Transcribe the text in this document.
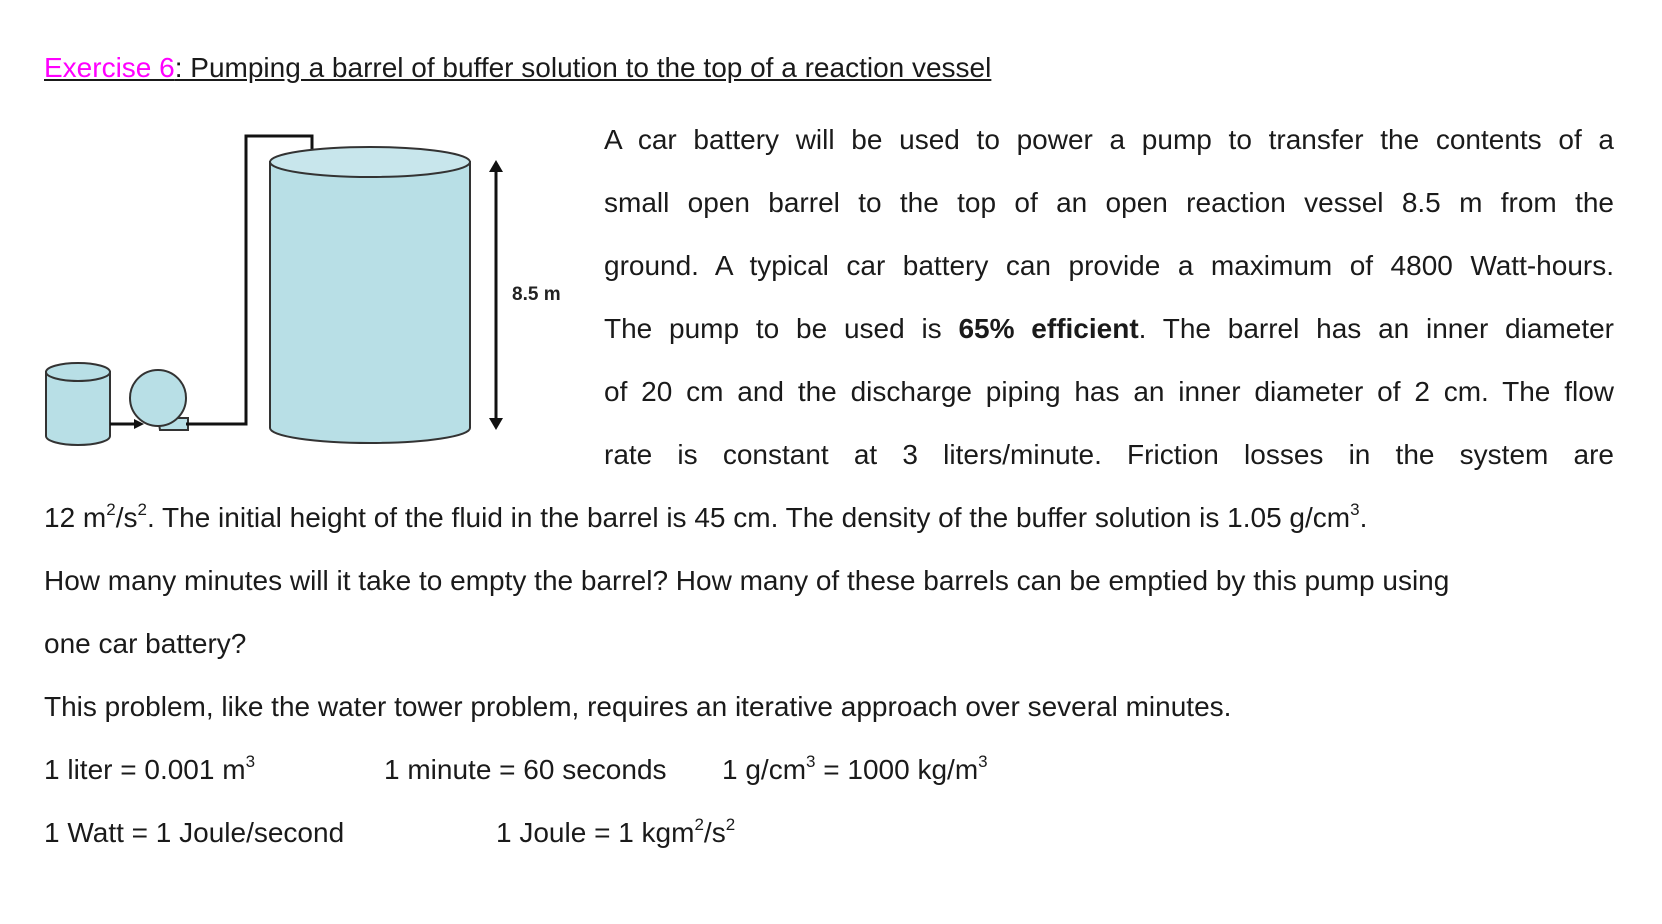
Exercise 6: Pumping a barrel of buffer solution to the top of a reaction vessel
8.5 m
A car battery will be used to power a pump to transfer the contents of a
small open barrel to the top of an open reaction vessel 8.5 m from the
ground. A typical car battery can provide a maximum of 4800 Watt-hours.
The pump to be used is 65% efficient. The barrel has an inner diameter
of 20 cm and the discharge piping has an inner diameter of 2 cm. The flow
rate is constant at 3 liters/minute. Friction losses in the system are
12 $m^2/s^2$. The initial height of the fluid in the barrel is 45 cm. The density of the buffer solution is 1.05 $g/cm^3$.
How many minutes will it take to empty the barrel? How many of these barrels can be emptied by this pump using
one car battery?
This problem, like the water tower problem, requires an iterative approach over several minutes.
1 liter = 0.001 $m^3$	1 minute = 60 seconds 1 $g/cm^3 = 1000$ $kg/m^3$
1 Watt = 1 Joule/second	1 Joule = 1 $kgm^2/s^2$
